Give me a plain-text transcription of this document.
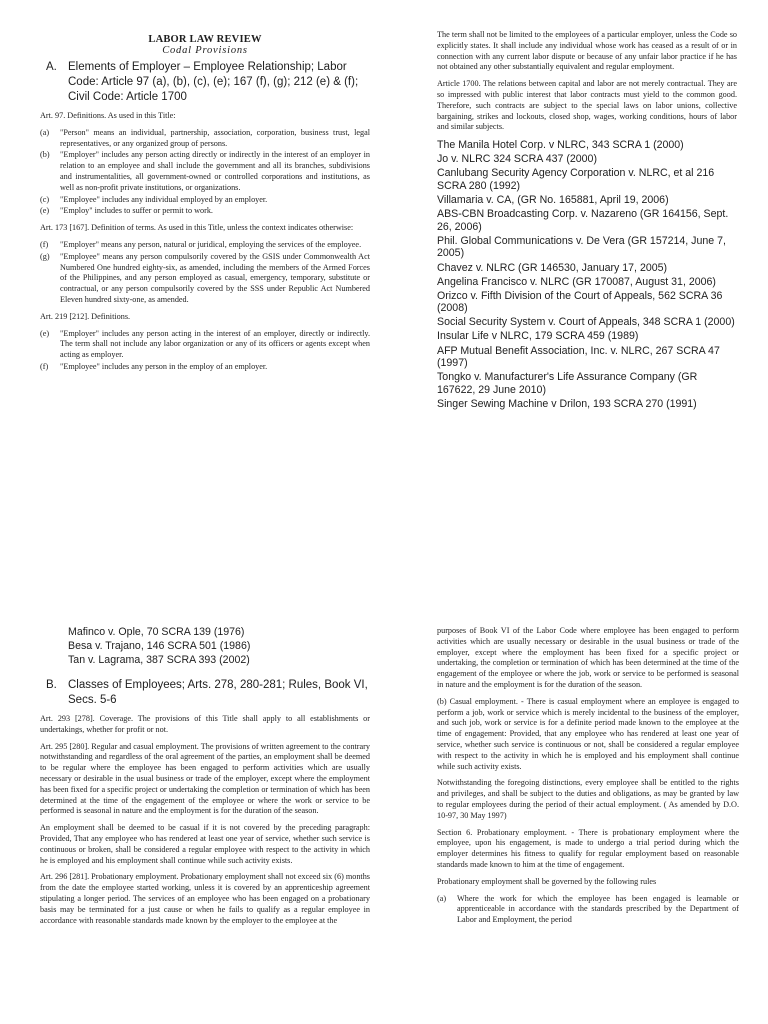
LABOR LAW REVIEW
Codal Provisions
A. Elements of Employer – Employee Relationship; Labor Code: Article 97 (a), (b), (c), (e); 167 (f), (g); 212 (e) & (f); Civil Code: Article 1700

Art. 97. Definitions. As used in this Title:

(a)	"Person" means an individual, partnership, association, corporation, business trust, legal representatives, or any organized group of persons.
(b)	"Employer" includes any person acting directly or indirectly in the interest of an employer in relation to an employee and shall include the government and all its branches, subdivisions and instrumentalities, all government-owned or controlled corporations and institutions, as well as non-profit private institutions, or organizations.
(c)	"Employee" includes any individual employed by an employer.
(e)	"Employ" includes to suffer or permit to work.

Art. 173 [167]. Definition of terms. As used in this Title, unless the context indicates otherwise:

(f)	"Employer" means any person, natural or juridical, employing the services of the employee.
(g)	"Employee" means any person compulsorily covered by the GSIS under Commonwealth Act Numbered One hundred eighty-six, as amended, including the members of the Armed Forces of the Philippines, and any person employed as casual, emergency, temporary, substitute or contractual, or any person compulsorily covered by the SSS under Republic Act Numbered Eleven hundred sixty-one, as amended.

Art. 219 [212]. Definitions.

(e)	"Employer" includes any person acting in the interest of an employer, directly or indirectly. The term shall not include any labor organization or any of its officers or agents except when acting as employer.
(f)	"Employee" includes any person in the employ of an employer.

The term shall not be limited to the employees of a particular employer, unless the Code so explicitly states. It shall include any individual whose work has ceased as a result of or in connection with any current labor dispute or because of any unfair labor practice if he has not obtained any other substantially equivalent and regular employment.

Article 1700. The relations between capital and labor are not merely contractual. They are so impressed with public interest that labor contracts must yield to the common good. Therefore, such contracts are subject to the special laws on labor unions, collective bargaining, strikes and lockouts, closed shop, wages, working conditions, hours of labor and similar subjects.

The Manila Hotel Corp. v NLRC, 343 SCRA 1 (2000)
Jo v. NLRC 324 SCRA 437 (2000)
Canlubang Security Agency Corporation v. NLRC, et al 216 SCRA 280 (1992)
Villamaria v. CA, (GR No. 165881, April 19, 2006)
ABS-CBN Broadcasting Corp. v. Nazareno (GR 164156, Sept. 26, 2006)
Phil. Global Communications v. De Vera (GR 157214, June 7, 2005)
Chavez v. NLRC (GR 146530, January 17, 2005)
Angelina Francisco v. NLRC (GR 170087, August 31, 2006)
Orizco v. Fifth Division of the Court of Appeals, 562 SCRA 36 (2008)
Social Security System v. Court of Appeals, 348 SCRA 1 (2000)
Insular Life v NLRC, 179 SCRA 459 (1989)
AFP Mutual Benefit Association, Inc. v. NLRC, 267 SCRA 47 (1997)
Tongko v. Manufacturer's Life Assurance Company (GR 167622, 29 June 2010)
Singer Sewing Machine v Drilon, 193 SCRA 270 (1991)
Mafinco v. Ople, 70 SCRA 139 (1976)
Besa v. Trajano, 146 SCRA 501 (1986)
Tan v. Lagrama, 387 SCRA 393 (2002)
B. Classes of Employees; Arts. 278, 280-281; Rules, Book VI, Secs. 5-6

Art. 293 [278]. Coverage. The provisions of this Title shall apply to all establishments or undertakings, whether for profit or not.

Art. 295 [280]. Regular and casual employment. The provisions of written agreement to the contrary notwithstanding and regardless of the oral agreement of the parties, an employment shall be deemed to be regular where the employee has been engaged to perform activities which are usually necessary or desirable in the usual business or trade of the employer, except where the employment has been fixed for a specific project or undertaking the completion or termination of which has been determined at the time of the engagement of the employee or where the work or service to be performed is seasonal in nature and the employment is for the duration of the season.

An employment shall be deemed to be casual if it is not covered by the preceding paragraph: Provided, That any employee who has rendered at least one year of service, whether such service is continuous or broken, shall be considered a regular employee with respect to the activity in which he is employed and his employment shall continue while such activity exists.

Art. 296 [281]. Probationary employment. Probationary employment shall not exceed six (6) months from the date the employee started working, unless it is covered by an apprenticeship agreement stipulating a longer period. The services of an employee who has been engaged on a probationary basis may be terminated for a just cause or when he fails to qualify as a regular employee in accordance with reasonable standards made known by the employer to the employee at the

purposes of Book VI of the Labor Code where employee has been engaged to perform activities which are usually necessary or desirable in the usual business or trade of the employer, except where the employment has been fixed for a specific project or undertaking, the completion or termination of which has been determined at the time of the engagement of the employee or where the job, work or service to be performed is seasonal in nature and the employment is for the duration of the season.

(b) Casual employment. - There is casual employment where an employee is engaged to perform a job, work or service which is merely incidental to the business of the employer, and such job, work or service is for a definite period made known to the employee at the time of engagement: Provided, that any employee who has rendered at least one year of service, whether such service is continuous or not, shall be considered a regular employee with respect to the activity in which he is employed and his employment shall continue while such activity exists.

Notwithstanding the foregoing distinctions, every employee shall be entitled to the rights and privileges, and shall be subject to the duties and obligations, as may be granted by law to regular employees during the period of their actual employment. ( As amended by D.O. 10-97, 30 May 1997)

Section 6. Probationary employment. - There is probationary employment where the employee, upon his engagement, is made to undergo a trial period during which the employer determines his fitness to qualify for regular employment based on reasonable standards made known to him at the time of engagement.

Probationary employment shall be governed by the following rules

(a)	Where the work for which the employee has been engaged is learnable or apprenticeable in accordance with the standards prescribed by the Department of Labor and Employment, the period
